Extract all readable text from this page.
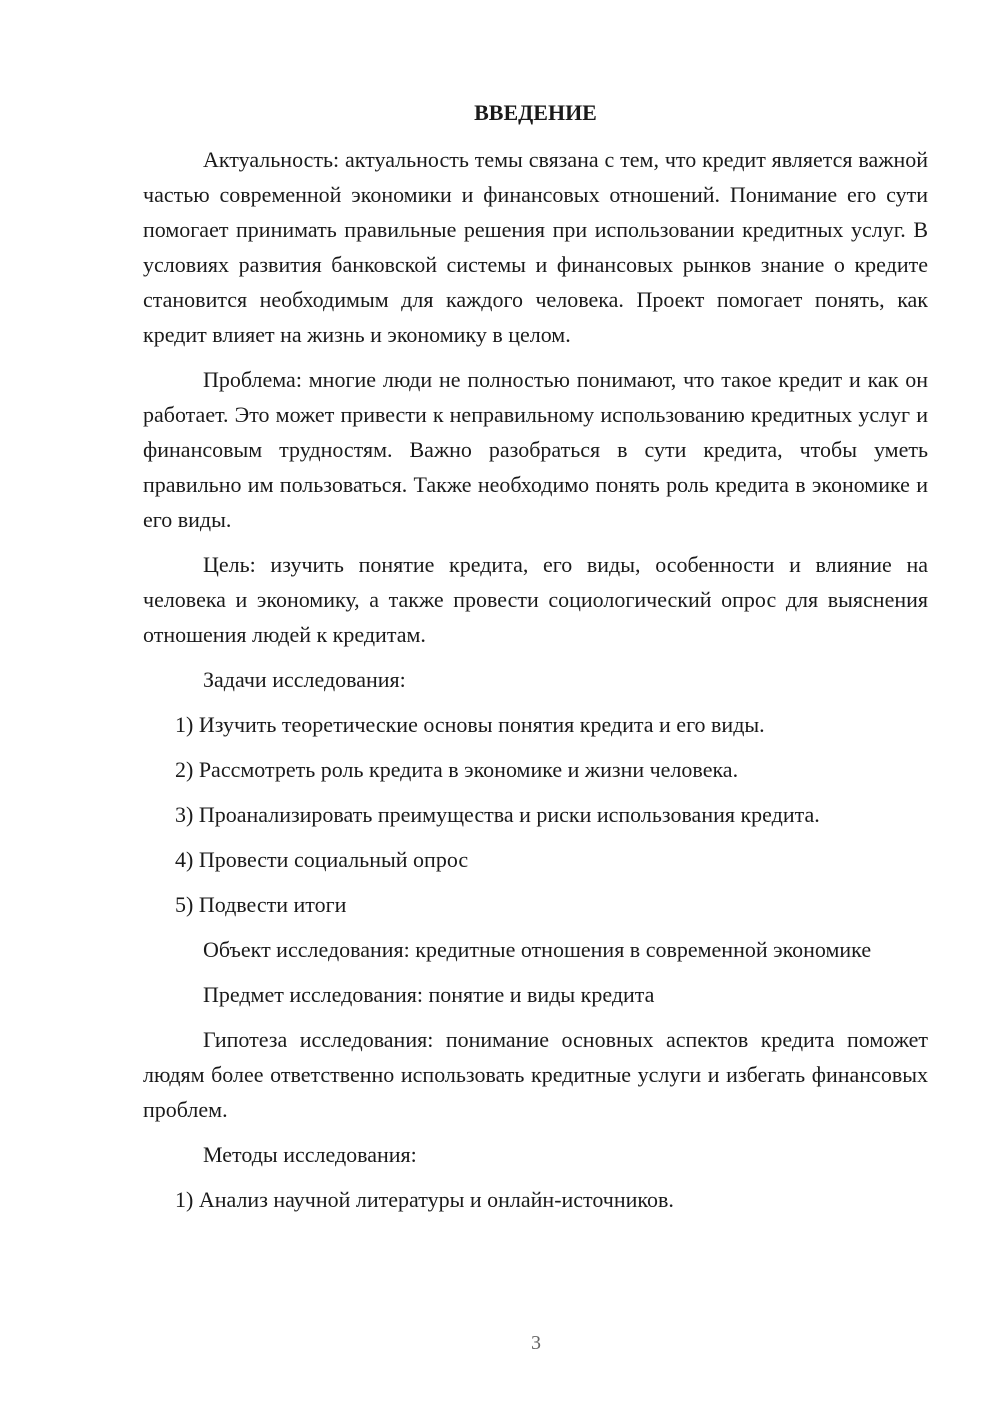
ВВЕДЕНИЕ

Актуальность: актуальность темы связана с тем, что кредит является важной частью современной экономики и финансовых отношений. Понимание его сути помогает принимать правильные решения при использовании кредитных услуг. В условиях развития банковской системы и финансовых рынков знание о кредите становится необходимым для каждого человека. Проект помогает понять, как кредит влияет на жизнь и экономику в целом.

Проблема: многие люди не полностью понимают, что такое кредит и как он работает. Это может привести к неправильному использованию кредитных услуг и финансовым трудностям. Важно разобраться в сути кредита, чтобы уметь правильно им пользоваться. Также необходимо понять роль кредита в экономике и его виды.

Цель: изучить понятие кредита, его виды, особенности и влияние на человека и экономику, а также провести социологический опрос для выяснения отношения людей к кредитам.

Задачи исследования:

1) Изучить теоретические основы понятия кредита и его виды.
2) Рассмотреть роль кредита в экономике и жизни человека.
3) Проанализировать преимущества и риски использования кредита.
4) Провести социальный опрос
5) Подвести итоги

Объект исследования: кредитные отношения в современной экономике

Предмет исследования: понятие и виды кредита

Гипотеза исследования: понимание основных аспектов кредита поможет людям более ответственно использовать кредитные услуги и избегать финансовых проблем.

Методы исследования:

1) Анализ научной литературы и онлайн-источников.
3
